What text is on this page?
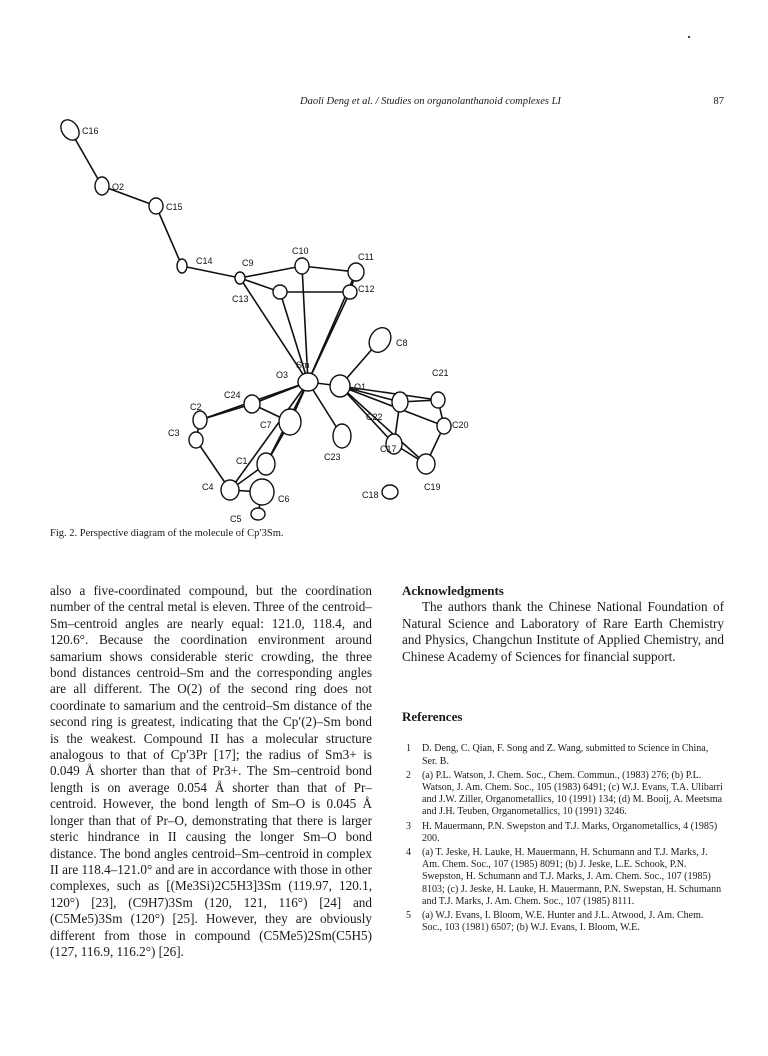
Daoli Deng et al. / Studies on organolanthanoid complexes LI	87
C16
O2
C15
C14	C9
C10
C11
C13
C12
C8
C21
O1
Sm
O3
C24
C2
C3
C7
C22
C20
C17
C23
C1
C4
C6
C5
C18
C19
Fig. 2. Perspective diagram of the molecule of Cp′3Sm.

also a five-coordinated compound, but the coordination number of the central metal is eleven. Three of the centroid–Sm–centroid angles are nearly equal: 121.0, 118.4, and 120.6°. Because the coordination environment around samarium shows considerable steric crowding, the three bond distances centroid–Sm and the corresponding angles are all different. The O(2) of the second ring does not coordinate to samarium and the centroid–Sm distance of the second ring is greatest, indicating that the Cp′(2)–Sm bond is the weakest. Compound II has a molecular structure analogous to that of Cp′3Pr [17]; the radius of Sm3+ is 0.049 Å shorter than that of Pr3+. The Sm–centroid bond length is on average 0.054 Å shorter than that of Pr–centroid. However, the bond length of Sm–O is 0.045 Å longer than that of Pr–O, demonstrating that there is larger steric hindrance in II causing the longer Sm–O bond distance. The bond angles centroid–Sm–centroid in complex II are 118.4–121.0° and are in accordance with those in other complexes, such as [(Me3Si)2C5H3]3Sm (119.97, 120.1, 120°) [23], (C9H7)3Sm (120, 121, 116°) [24] and (C5Me5)3Sm (120°) [25]. However, they are obviously different from those in compound (C5Me5)2Sm(C5H5) (127, 116.9, 116.2°) [26].

Acknowledgments

The authors thank the Chinese National Foundation of Natural Science and Laboratory of Rare Earth Chemistry and Physics, Changchun Institute of Applied Chemistry, and Chinese Academy of Sciences for financial support.

References
1 D. Deng, C. Qian, F. Song and Z. Wang, submitted to Science in China, Ser. B.
2 (a) P.L. Watson, J. Chem. Soc., Chem. Commun., (1983) 276; (b) P.L. Watson, J. Am. Chem. Soc., 105 (1983) 6491; (c) W.J. Evans, T.A. Ulibarri and J.W. Ziller, Organometallics, 10 (1991) 134; (d) M. Booij, A. Meetsma and J.H. Teuben, Organometallics, 10 (1991) 3246.
3 H. Mauermann, P.N. Swepston and T.J. Marks, Organometallics, 4 (1985) 200.
4 (a) T. Jeske, H. Lauke, H. Mauermann, H. Schumann and T.J. Marks, J. Am. Chem. Soc., 107 (1985) 8091; (b) J. Jeske, L.E. Schook, P.N. Swepston, H. Schumann and T.J. Marks, J. Am. Chem. Soc., 107 (1985) 8103; (c) J. Jeske, H. Lauke, H. Mauermann, P.N. Swepstan, H. Schumann and T.J. Marks, J. Am. Chem. Soc., 107 (1985) 8111.
5 (a) W.J. Evans, I. Bloom, W.E. Hunter and J.L. Atwood, J. Am. Chem. Soc., 103 (1981) 6507; (b) W.J. Evans, I. Bloom, W.E.
